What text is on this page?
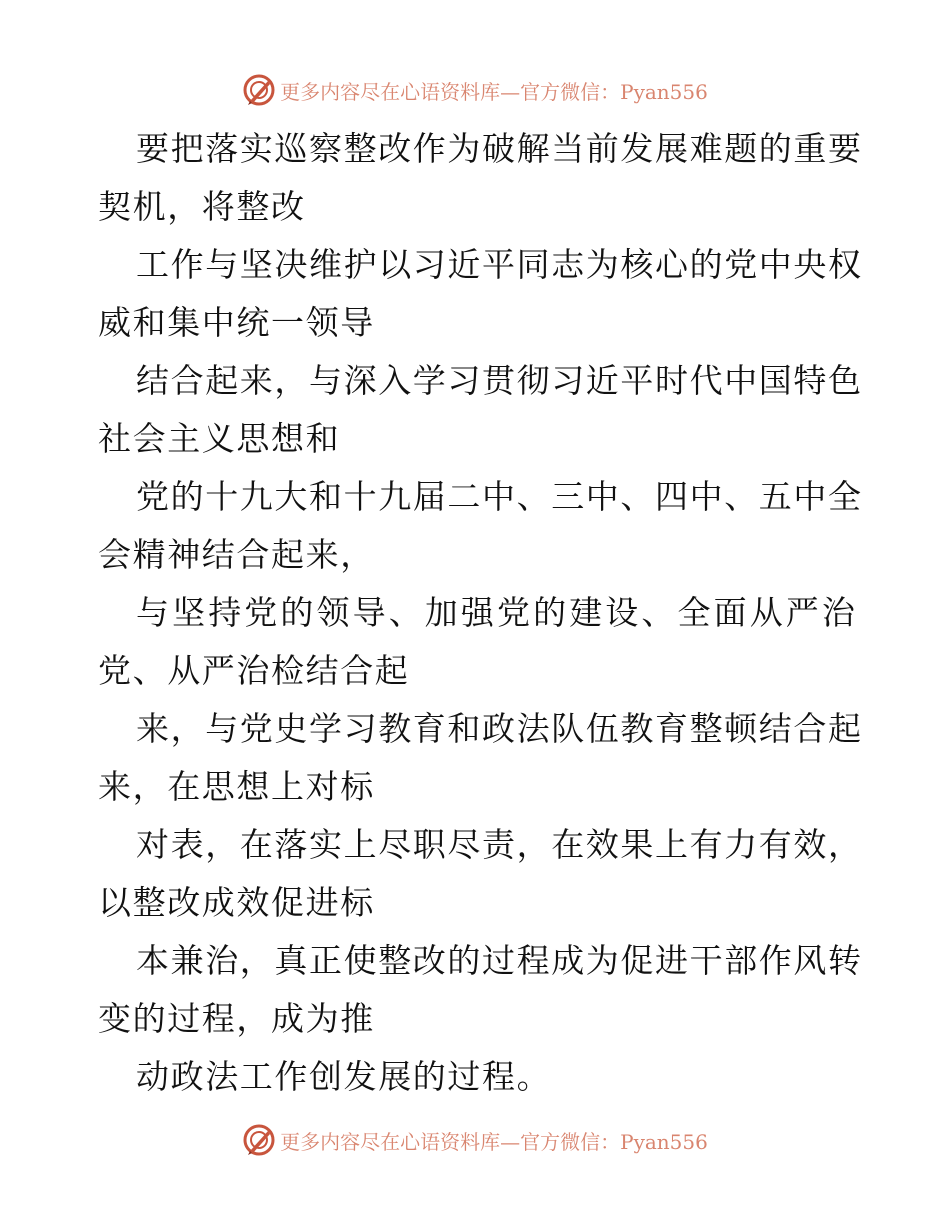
更多内容尽在心语资料库—官方微信：Pyan556
要把落实巡察整改作为破解当前发展难题的重要
契机，将整改
工作与坚决维护以习近平同志为核心的党中央权
威和集中统一领导
结合起来，与深入学习贯彻习近平时代中国特色
社会主义思想和
党的十九大和十九届二中、三中、四中、五中全
会精神结合起来，
与坚持党的领导、加强党的建设、全面从严治
党、从严治检结合起
来，与党史学习教育和政法队伍教育整顿结合起
来，在思想上对标
对表，在落实上尽职尽责，在效果上有力有效，
以整改成效促进标
本兼治，真正使整改的过程成为促进干部作风转
变的过程，成为推
动政法工作创发展的过程。
更多内容尽在心语资料库—官方微信：Pyan556
